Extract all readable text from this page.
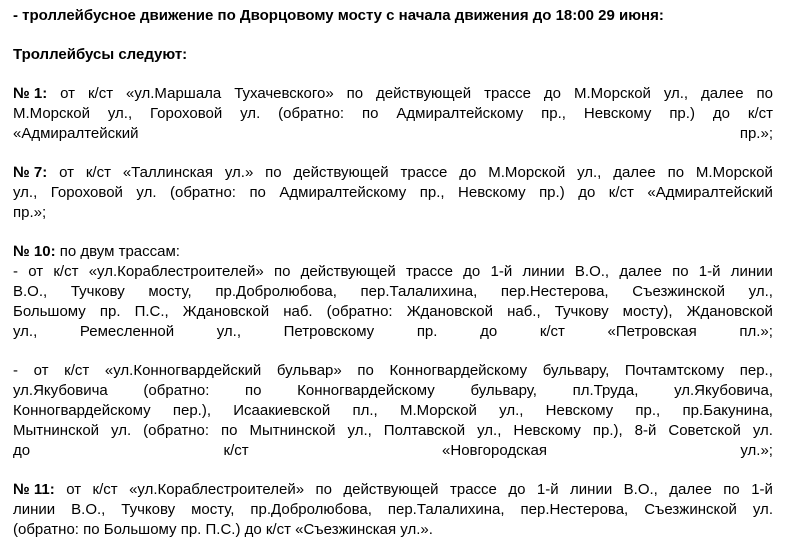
- троллейбусное движение по Дворцовому мосту с начала движения до 18:00 29 июня:
Троллейбусы следуют:
№ 1: от к/ст «ул.Маршала Тухачевского» по действующей трассе до М.Морской ул., далее по
М.Морской ул., Гороховой ул. (обратно: по Адмиралтейскому пр., Невскому пр.) до к/ст
«Адмиралтейский	пр.»;
№ 7: от к/ст «Таллинская ул.» по действующей трассе до М.Морской ул., далее по М.Морской
ул., Гороховой ул. (обратно: по Адмиралтейскому пр., Невскому пр.) до к/ст «Адмиралтейский
пр.»;
№ 10: по двум трассам:
- от к/ст «ул.Кораблестроителей» по действующей трассе до 1-й линии В.О., далее по 1-й линии
В.О., Тучкову мосту, пр.Добролюбова, пер.Талалихина, пер.Нестерова, Съезжинской ул.,
Большому пр. П.С., Ждановской наб. (обратно: Ждановской наб., Тучкову мосту), Ждановской
ул.,	Ремесленной	ул.,	Петровскому	пр.	до	к/ст	«Петровская	пл.»;
- от к/ст «ул.Конногвардейский бульвар» по Конногвардейскому бульвару, Почтамтскому пер.,
ул.Якубовича (обратно: по Конногвардейскому бульвару, пл.Труда, ул.Якубовича,
Конногвардейскому пер.), Исаакиевской пл., М.Морской ул., Невскому пр., пр.Бакунина,
Мытнинской ул. (обратно: по Мытнинской ул., Полтавской ул., Невскому пр.), 8-й Советской ул.
до	к/ст	«Новгородская	ул.»;
№ 11: от к/ст «ул.Кораблестроителей» по действующей трассе до 1-й линии В.О., далее по 1-й
линии В.О., Тучкову мосту, пр.Добролюбова, пер.Талалихина, пер.Нестерова, Съезжинской ул.
(обратно: по Большому пр. П.С.) до к/ст «Съезжинская ул.».
